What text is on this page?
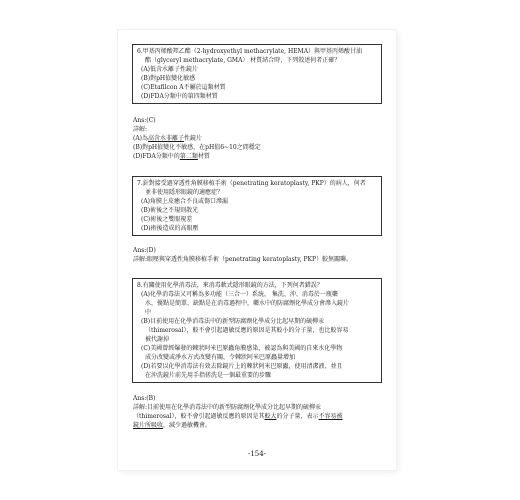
6.甲基丙烯酸羥乙酯（2-hydroxyethyl methacrylate, HEMA）與甲基丙烯酸甘油
酯（glyceryl methacrylate, GMA） 材質結合時，下列敘述何者正確？
(A)低含水離子性鏡片
(B)對pH值變化敏感
(C)Etafilcon A不屬於這類材質
(D)FDA分類中的第四類材質
Ans:(C)
詳解:
(A)為高含水非離子性鏡片
(B)對pH值變化不敏感，在pH值6~10之間穩定
(D)FDA分類中的第二類材質
7.針對接受過穿透性角膜移植手術（penetrating keratoplasty, PKP）的病人，何者
並非使用隱形眼鏡的適應症？
(A)角膜上皮癒合不良或傷口滲漏
(B)術後之不規則散光
(C)術後之雙眼視差
(D)術後造成的高眼壓
Ans:(D)
詳解:眼壓與穿透性角膜移植手術（penetrating keratoplasty, PKP）較無關聯。
8.有關使用化學消毒法，來消毒軟式隱形眼鏡的方法，下列何者錯誤？
(A)化學消毒法又可稱為多功能（三合一）系統， 集洗、沖、消毒於一瓶藥
水，優點是簡單、缺點是在消毒過程中，藥水中的防腐劑化學成分會滲入鏡片
中
(B)目前使用在化學消毒法中的新型防腐劑化學成分比起早期的硫柳汞
（thimerosal），較不會引起過敏反應的原因是其較小的分子量，也比較容易
被代謝掉
(C)美國曾經爆發的棘狀阿米巴原蟲角膜感染，被認為與美國的自來水化學物
成分改變或淨水方式改變有關，令棘狀阿米巴原蟲量增加
(D)若要以化學消毒法有效去除鏡片上的棘狀阿米巴原蟲，使用清潔液、並且
在沖洗鏡片前先用手指搓洗是一個最重要的步驟
Ans:(B)
詳解:目前使用在化學消毒法中的新型防腐劑化學成分比起早期的硫柳汞
（thimerosal），較不會引起過敏反應的原因是其較大的分子量，表示不容易被
鏡片所吸收，減少過敏機會。
-154-
